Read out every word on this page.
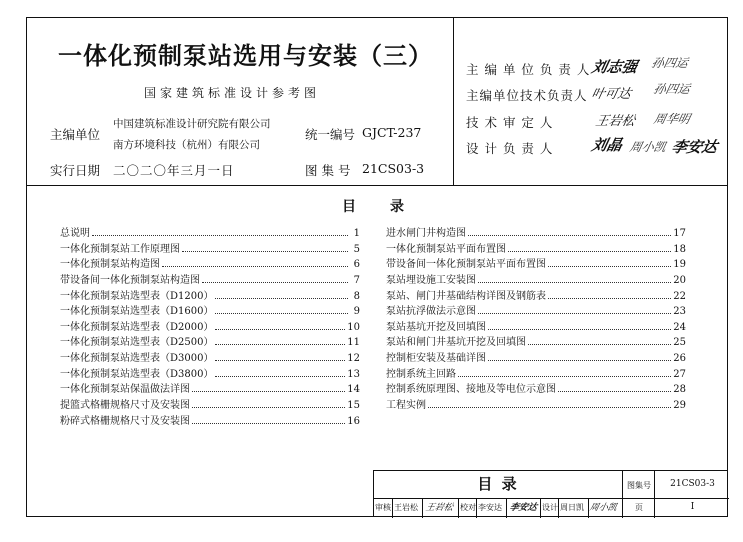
一体化预制泵站选用与安装（三）
国家建筑标准设计参考图
主编单位
中国建筑标准设计研究院有限公司
南方环境科技（杭州）有限公司
统一编号 GJCT-237
实行日期 二〇二〇年三月一日	图 集 号 21CS03-3
主 编 单 位 负 责 人 刘志强 孙四运
主编单位技术负责人 叶可达 孙四运
技 术 审 定 人	王岩松 周华明
设 计 负 责 人 刘晶 周小凯 李安达
目 录
总说明	1
一体化预制泵站工作原理图	5
一体化预制泵站构造图	6
带设备间一体化预制泵站构造图	7
一体化预制泵站选型表（D1200）	8
一体化预制泵站选型表（D1600）	9
一体化预制泵站选型表（D2000）	10
一体化预制泵站选型表（D2500）	11
一体化预制泵站选型表（D3000）	12
一体化预制泵站选型表（D3800）	13
一体化预制泵站保温做法详图	14
提篮式格栅规格尺寸及安装图	15
粉碎式格栅规格尺寸及安装图	16
进水闸门井构造图	17
一体化预制泵站平面布置图	18
带设备间一体化预制泵站平面布置图	19
泵站埋设施工安装图	20
泵站、闸门井基础结构详图及钢筋表	22
泵站抗浮做法示意图	23
泵站基坑开挖及回填图	24
泵站和闸门井基坑开挖及回填图	25
控制柜安装及基础详图	26
控制系统主回路	27
控制系统原理图、接地及等电位示意图	28
工程实例	29
目 录	图集号	21CS03-3
审核 王岩松 王岩松 校对 李安达 李安达 设计 周日凯 周小凯	页	I
